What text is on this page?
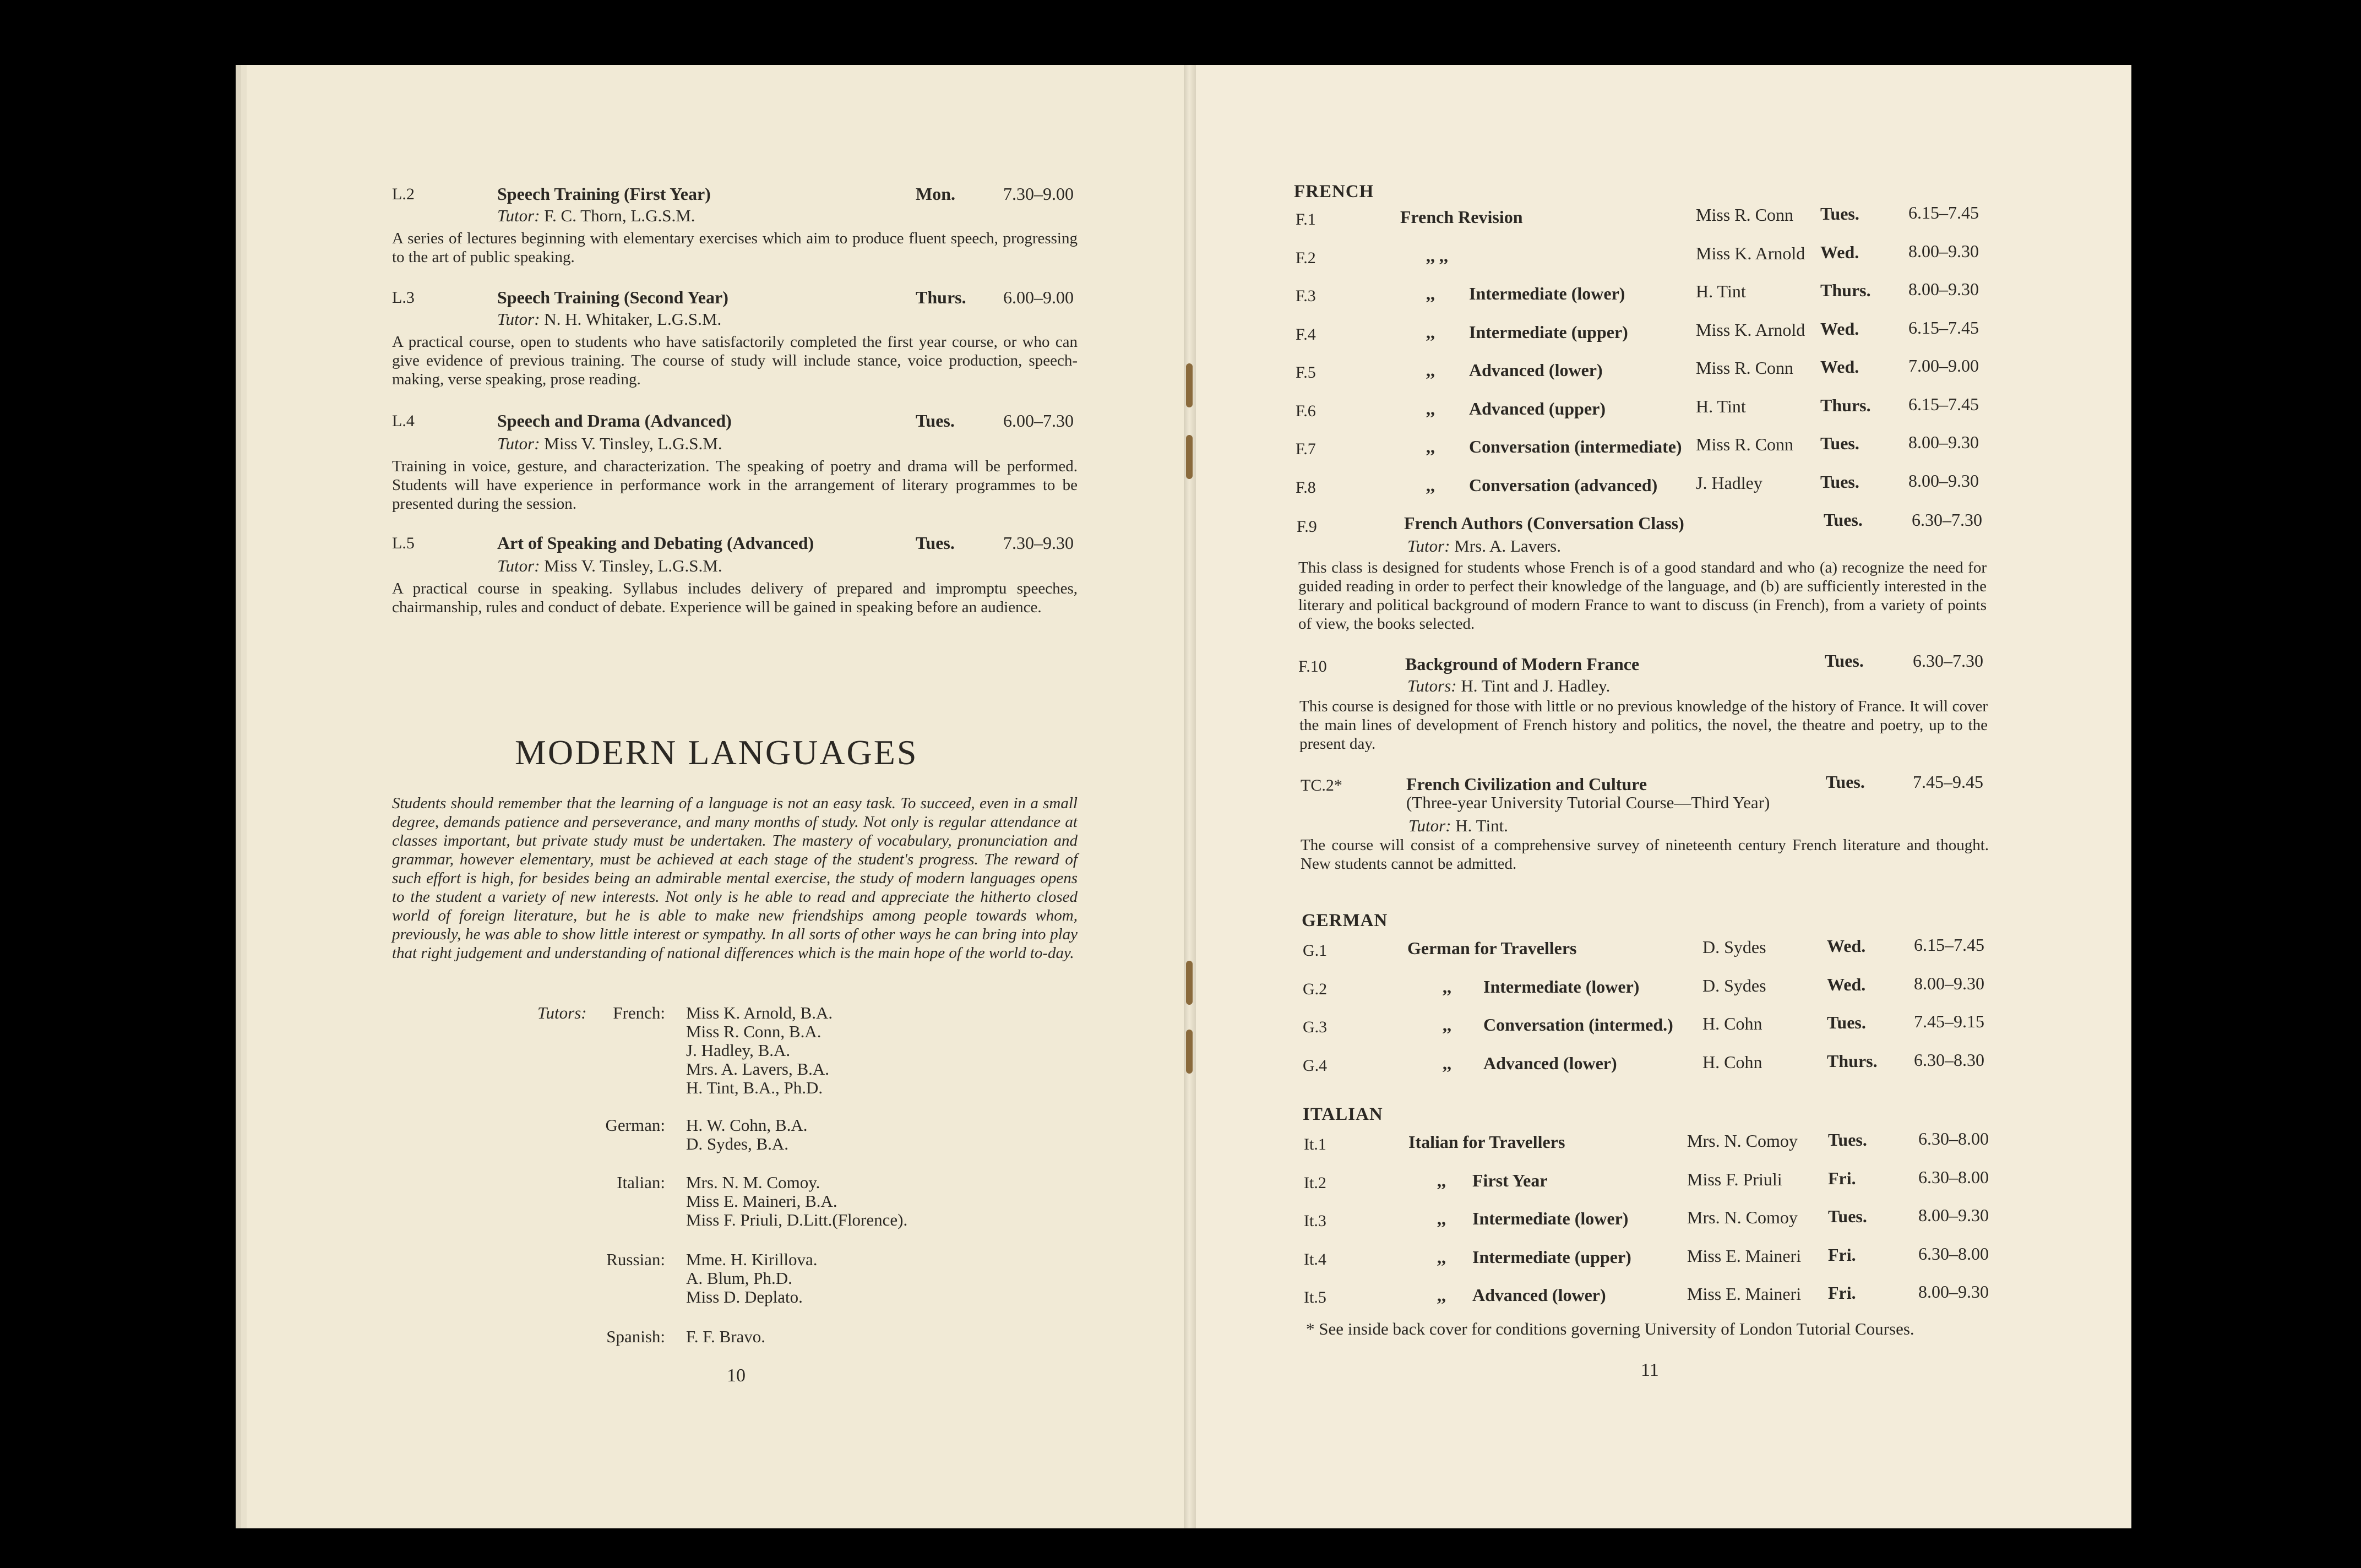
L.2	Speech Training (First Year)	Mon.	7.30–9.00
Tutor: F. C. Thorn, L.G.S.M.
A series of lectures beginning with elementary exercises which aim to produce fluent speech, progressing to the art of public speaking.
L.3	Speech Training (Second Year)	Thurs. 6.00–9.00
Tutor: N. H. Whitaker, L.G.S.M.
A practical course, open to students who have satisfactorily completed the first year course, or who can give evidence of previous training. The course of study will include stance, voice production, speech-making, verse speaking, prose reading.
L.4	Speech and Drama (Advanced)	Tues.	6.00–7.30
Tutor: Miss V. Tinsley, L.G.S.M.
Training in voice, gesture, and characterization. The speaking of poetry and drama will be performed. Students will have experience in performance work in the arrangement of literary programmes to be presented during the session.
L.5	Art of Speaking and Debating (Advanced)	Tues.	7.30–9.30
Tutor: Miss V. Tinsley, L.G.S.M.
A practical course in speaking. Syllabus includes delivery of prepared and impromptu speeches, chairmanship, rules and conduct of debate. Experience will be gained in speaking before an audience.
MODERN LANGUAGES
Students should remember that the learning of a language is not an easy task. To succeed, even in a small degree, demands patience and perseverance, and many months of study. Not only is regular attendance at classes important, but private study must be undertaken. The mastery of vocabulary, pronunciation and grammar, however elementary, must be achieved at each stage of the student's progress. The reward of such effort is high, for besides being an admirable mental exercise, the study of modern languages opens to the student a variety of new interests. Not only is he able to read and appreciate the hitherto closed world of foreign literature, but he is able to make new friendships among people towards whom, previously, he was able to show little interest or sympathy. In all sorts of other ways he can bring into play that right judgement and understanding of national differences which is the main hope of the world to-day.
Tutors: French: Miss K. Arnold, B.A.
Miss R. Conn, B.A.
J. Hadley, B.A.
Mrs. A. Lavers, B.A.
H. Tint, B.A., Ph.D.
German: H. W. Cohn, B.A.
D. Sydes, B.A.
Italian: Mrs. N. M. Comoy.
Miss E. Maineri, B.A.
Miss F. Priuli, D.Litt.(Florence).
Russian: Mme. H. Kirillova.
A. Blum, Ph.D.
Miss D. Deplato.
Spanish: F. F. Bravo.
10
FRENCH
F.1	French Revision	Miss R. Conn Tues.	6.15–7.45
F.2	,, ,,	Miss K. Arnold Wed.	8.00–9.30
F.3	,, Intermediate (lower)	H. Tint	Thurs. 8.00–9.30
F.4	,, Intermediate (upper)	Miss K. Arnold Wed.	6.15–7.45
F.5	,, Advanced (lower)	Miss R. Conn Wed.	7.00–9.00
F.6	,, Advanced (upper)	H. Tint	Thurs. 6.15–7.45
F.7	,, Conversation (intermediate) Miss R. Conn Tues.	8.00–9.30
F.8	,, Conversation (advanced) J. Hadley	Tues.	8.00–9.30
F.9	French Authors (Conversation Class)	Tues.	6.30–7.30
Tutor: Mrs. A. Lavers.
This class is designed for students whose French is of a good standard and who (a) recognize the need for guided reading in order to perfect their knowledge of the language, and (b) are sufficiently interested in the literary and political background of modern France to want to discuss (in French), from a variety of points of view, the books selected.
F.10	Background of Modern France	Tues.	6.30–7.30
Tutors: H. Tint and J. Hadley.
This course is designed for those with little or no previous knowledge of the history of France. It will cover the main lines of development of French history and politics, the novel, the theatre and poetry, up to the present day.
TC.2*	French Civilization and Culture	Tues.	7.45–9.45
(Three-year University Tutorial Course—Third Year)
Tutor: H. Tint.
The course will consist of a comprehensive survey of nineteenth century French literature and thought. New students cannot be admitted.
GERMAN
G.1	German for Travellers	D. Sydes	Wed.	6.15–7.45
G.2	,, Intermediate (lower)	D. Sydes	Wed.	8.00–9.30
G.3	,, Conversation (intermed.) H. Cohn	Tues.	7.45–9.15
G.4	,, Advanced (lower)	H. Cohn	Thurs. 6.30–8.30
ITALIAN
It.1	Italian for Travellers	Mrs. N. Comoy Tues.	6.30–8.00
It.2	,, First Year	Miss F. Priuli	Fri.	6.30–8.00
It.3	,, Intermediate (lower)	Mrs. N. Comoy Tues.	8.00–9.30
It.4	,, Intermediate (upper)	Miss E. Maineri Fri.	6.30–8.00
It.5	,, Advanced (lower)	Miss E. Maineri Fri.	8.00–9.30
* See inside back cover for conditions governing University of London Tutorial Courses.
11
